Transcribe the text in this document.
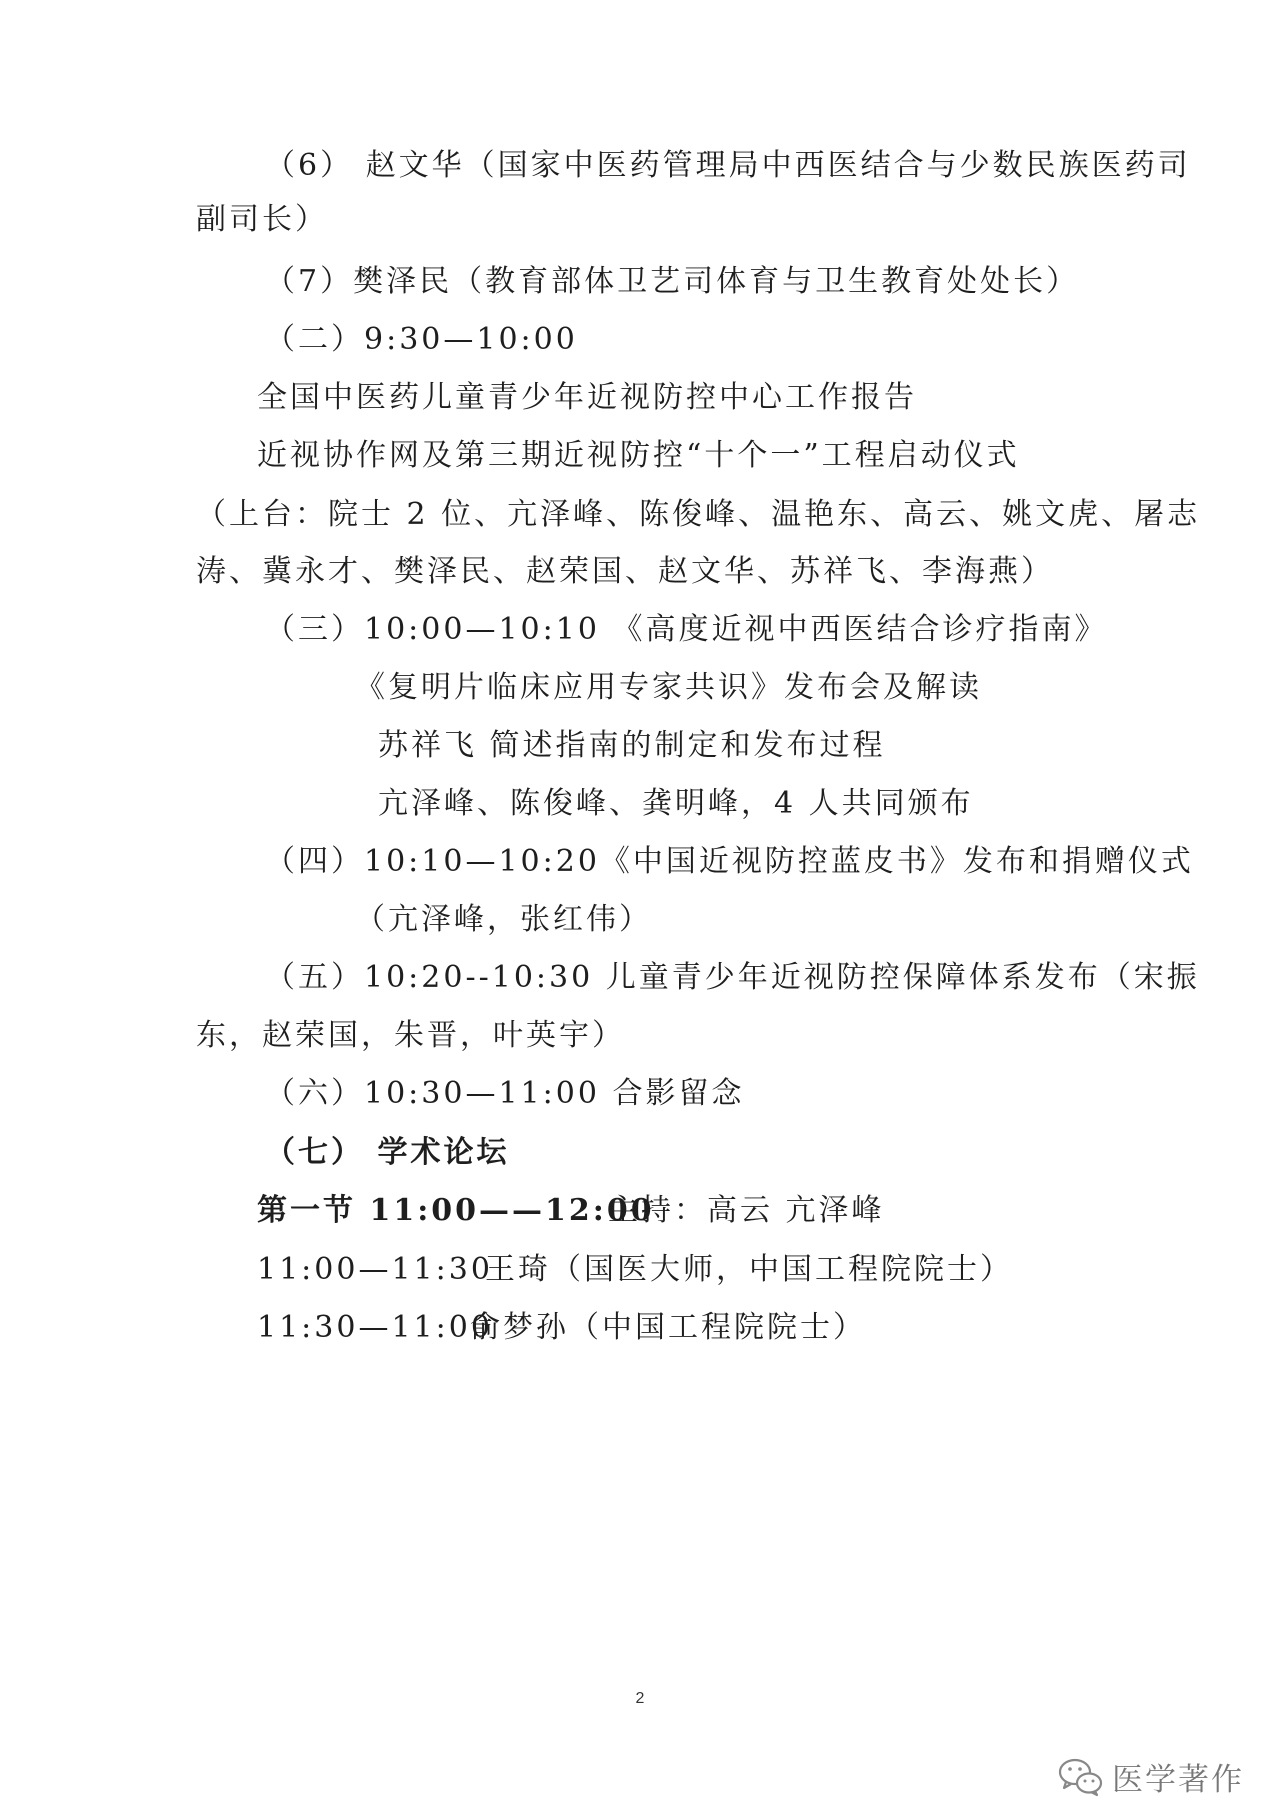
（6） 赵文华（国家中医药管理局中西医结合与少数民族医药司
副司长）
（7）樊泽民（教育部体卫艺司体育与卫生教育处处长）
（二）9:30—10:00
全国中医药儿童青少年近视防控中心工作报告
近视协作网及第三期近视防控“十个一”工程启动仪式
（上台：院士 2 位、亢泽峰、陈俊峰、温艳东、高云、姚文虎、屠志
涛、冀永才、樊泽民、赵荣国、赵文华、苏祥飞、李海燕）
（三）10:00—10:10 《高度近视中西医结合诊疗指南》
《复明片临床应用专家共识》发布会及解读
苏祥飞 简述指南的制定和发布过程
亢泽峰、陈俊峰、龚明峰，4 人共同颁布
（四）10:10—10:20《中国近视防控蓝皮书》发布和捐赠仪式
（亢泽峰，张红伟）
（五）10:20--10:30 儿童青少年近视防控保障体系发布（宋振
东，赵荣国，朱晋，叶英宇）
（六）10:30—11:00 合影留念
（七） 学术论坛
第一节 11:00——12:00
主持：高云 亢泽峰
11:00—11:30
王琦（国医大师，中国工程院院士）
11:30—11:00
俞梦孙（中国工程院院士）
2
医学著作
